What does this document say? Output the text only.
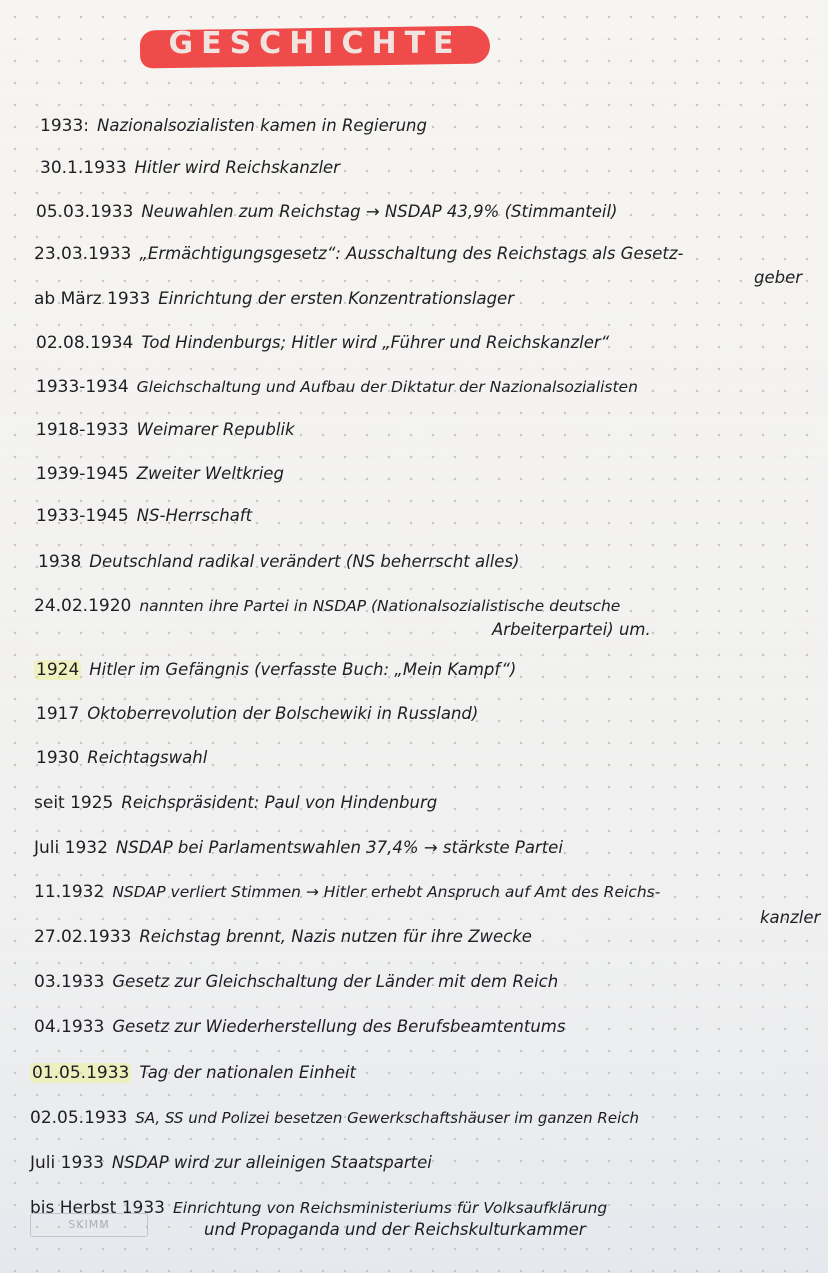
GESCHICHTE
1933: Nazionalsozialisten kamen in Regierung
30.1.1933 Hitler wird Reichskanzler
05.03.1933 Neuwahlen zum Reichstag → NSDAP 43,9% (Stimmanteil)
23.03.1933 „Ermächtigungsgesetz“: Ausschaltung des Reichstags als Gesetz-
geber
ab März 1933 Einrichtung der ersten Konzentrationslager
02.08.1934 Tod Hindenburgs; Hitler wird „Führer und Reichskanzler“
1933-1934 Gleichschaltung und Aufbau der Diktatur der Nazionalsozialisten
1918-1933 Weimarer Republik
1939-1945 Zweiter Weltkrieg
1933-1945 NS-Herrschaft
1938 Deutschland radikal verändert (NS beherrscht alles)
24.02.1920 nannten ihre Partei in NSDAP (Nationalsozialistische deutsche
Arbeiterpartei) um.
1924 Hitler im Gefängnis (verfasste Buch: „Mein Kampf“)
1917 Oktoberrevolution der Bolschewiki in Russland)
1930 Reichtagswahl
seit 1925 Reichspräsident: Paul von Hindenburg
Juli 1932 NSDAP bei Parlamentswahlen 37,4% → stärkste Partei
11.1932 NSDAP verliert Stimmen → Hitler erhebt Anspruch auf Amt des Reichs-
kanzler
27.02.1933 Reichstag brennt, Nazis nutzen für ihre Zwecke
03.1933 Gesetz zur Gleichschaltung der Länder mit dem Reich
04.1933 Gesetz zur Wiederherstellung des Berufsbeamtentums
01.05.1933 Tag der nationalen Einheit
02.05.1933 SA, SS und Polizei besetzen Gewerkschaftshäuser im ganzen Reich
Juli 1933 NSDAP wird zur alleinigen Staatspartei
bis Herbst 1933 Einrichtung von Reichsministeriums für Volksaufklärung
und Propaganda und der Reichskulturkammer
SKIMM
